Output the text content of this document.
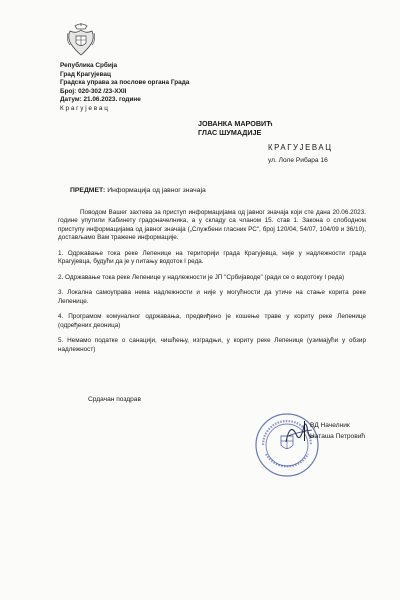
Република Србија
Град Крагујевац
Градска управа за послове органа Града
Број: 020-302 /23-XXII
Датум: 21.06.2023. године
К р а г у ј е в а ц
ЈОВАНКА МАРОВИЋ
ГЛАС ШУМАДИЈЕ
КРАГУЈЕВАЦ
ул. Лоле Рибара 16
ПРЕДМЕТ: Информација од јавног значаја

Поводом Вашег захтева за приступ информацијама од јавног значаја који сте дана 20.06.2023. године упутили Кабинету градоначелника, а у складу са чланом 15. став 1. Закона о слободном приступу информацијама од јавног значаја („Службени гласник РС", број 120/04, 54/07, 104/09 и 36/10), достављамо Вам тражене информације.

1. Одржавање тока реке Лепенице на територији града Крагујевца, није у надлежности града Крагујевца, будући да је у питању водоток I реда.

2. Одржавање тока реке Лепенице у надлежности је ЈП "Србијаводе" (ради се о водотоку I реда)

3. Локална самоуправа нема надлежности и није у могућности да утиче на стање корита реке Лепенице.

4. Програмом комуналног одржавања, предвиђено је кошење траве у кориту реке Лепенице (одређених деоница)

5. Немамо податке о санацији, чишћењу, изградњи, у кориту реке Лепенице (узимајући у обзир надлежност)

Срдачан поздрав
ВД Начелник
Наташа Петровић
